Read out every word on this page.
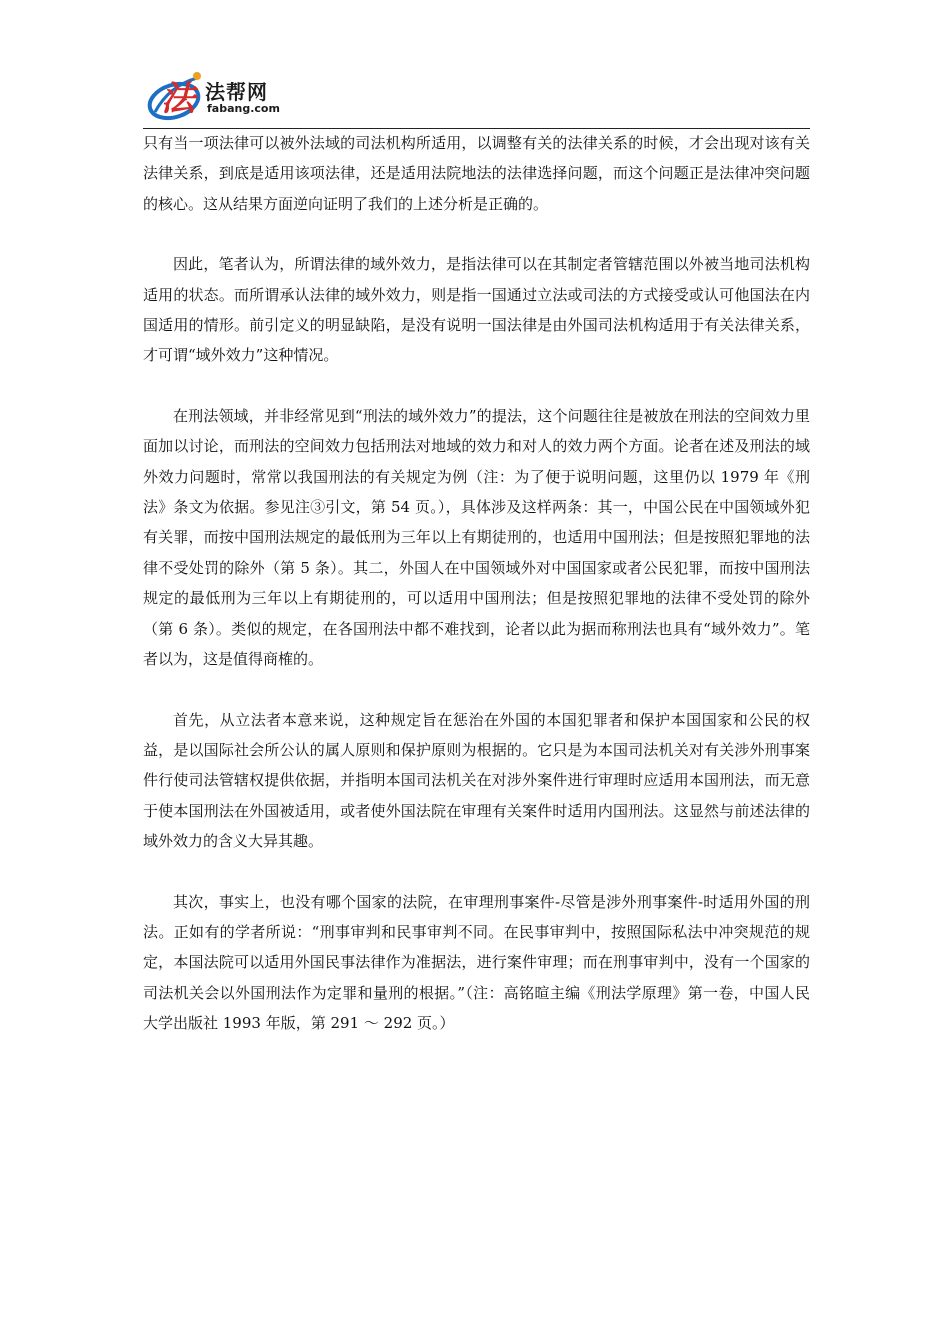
法 法帮网
fabang.com

只有当一项法律可以被外法域的司法机构所适用，以调整有关的法律关系的时候，才会出现对该有关法律关系，到底是适用该项法律，还是适用法院地法的法律选择问题，而这个问题正是法律冲突问题的核心。这从结果方面逆向证明了我们的上述分析是正确的。

因此，笔者认为，所谓法律的域外效力，是指法律可以在其制定者管辖范围以外被当地司法机构适用的状态。而所谓承认法律的域外效力，则是指一国通过立法或司法的方式接受或认可他国法在内国适用的情形。前引定义的明显缺陷，是没有说明一国法律是由外国司法机构适用于有关法律关系，才可谓“域外效力”这种情况。

在刑法领域，并非经常见到“刑法的域外效力”的提法，这个问题往往是被放在刑法的空间效力里面加以讨论，而刑法的空间效力包括刑法对地域的效力和对人的效力两个方面。论者在述及刑法的域外效力问题时，常常以我国刑法的有关规定为例（注：为了便于说明问题，这里仍以 1979 年《刑法》条文为依据。参见注③引文，第 54 页。），具体涉及这样两条：其一，中国公民在中国领域外犯有关罪，而按中国刑法规定的最低刑为三年以上有期徒刑的，也适用中国刑法；但是按照犯罪地的法律不受处罚的除外（第 5 条）。其二，外国人在中国领域外对中国国家或者公民犯罪，而按中国刑法规定的最低刑为三年以上有期徒刑的，可以适用中国刑法；但是按照犯罪地的法律不受处罚的除外（第 6 条）。类似的规定，在各国刑法中都不难找到，论者以此为据而称刑法也具有“域外效力”。笔者以为，这是值得商榷的。

首先，从立法者本意来说，这种规定旨在惩治在外国的本国犯罪者和保护本国国家和公民的权益，是以国际社会所公认的属人原则和保护原则为根据的。它只是为本国司法机关对有关涉外刑事案件行使司法管辖权提供依据，并指明本国司法机关在对涉外案件进行审理时应适用本国刑法，而无意于使本国刑法在外国被适用，或者使外国法院在审理有关案件时适用内国刑法。这显然与前述法律的域外效力的含义大异其趣。

其次，事实上，也没有哪个国家的法院，在审理刑事案件-尽管是涉外刑事案件-时适用外国的刑法。正如有的学者所说：“刑事审判和民事审判不同。在民事审判中，按照国际私法中冲突规范的规定，本国法院可以适用外国民事法律作为准据法，进行案件审理；而在刑事审判中，没有一个国家的司法机关会以外国刑法作为定罪和量刑的根据。”（注：高铭暄主编《刑法学原理》第一卷，中国人民大学出版社 1993 年版，第 291 ～ 292 页。）
